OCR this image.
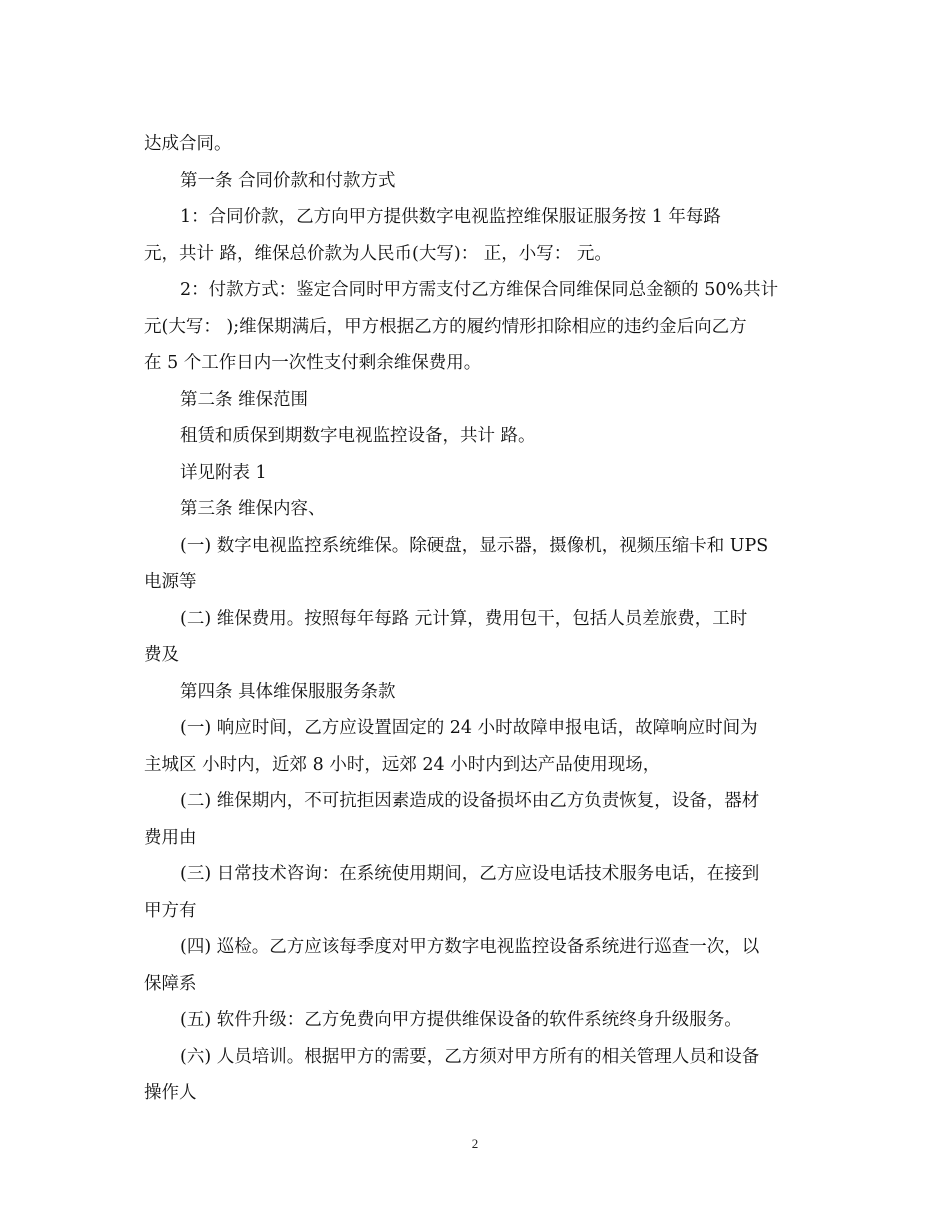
达成合同。
第一条 合同价款和付款方式
1：合同价款，乙方向甲方提供数字电视监控维保服证服务按 1 年每路
元，共计 路，维保总价款为人民币(大写)： 正，小写： 元。
2：付款方式：鉴定合同时甲方需支付乙方维保合同维保同总金额的 50%共计
元(大写： );维保期满后，甲方根据乙方的履约情形扣除相应的违约金后向乙方
在 5 个工作日内一次性支付剩余维保费用。
第二条 维保范围
租赁和质保到期数字电视监控设备，共计 路。
详见附表 1
第三条 维保内容、
(一) 数字电视监控系统维保。除硬盘，显示器，摄像机，视频压缩卡和 UPS
电源等
(二) 维保费用。按照每年每路 元计算，费用包干，包括人员差旅费，工时
费及
第四条 具体维保服服务条款
(一) 响应时间，乙方应设置固定的 24 小时故障申报电话，故障响应时间为
主城区 小时内，近郊 8 小时，远郊 24 小时内到达产品使用现场，
(二) 维保期内，不可抗拒因素造成的设备损坏由乙方负责恢复，设备，器材
费用由
(三) 日常技术咨询：在系统使用期间，乙方应设电话技术服务电话，在接到
甲方有
(四) 巡检。乙方应该每季度对甲方数字电视监控设备系统进行巡查一次，以
保障系
(五) 软件升级：乙方免费向甲方提供维保设备的软件系统终身升级服务。
(六) 人员培训。根据甲方的需要，乙方须对甲方所有的相关管理人员和设备
操作人
2
